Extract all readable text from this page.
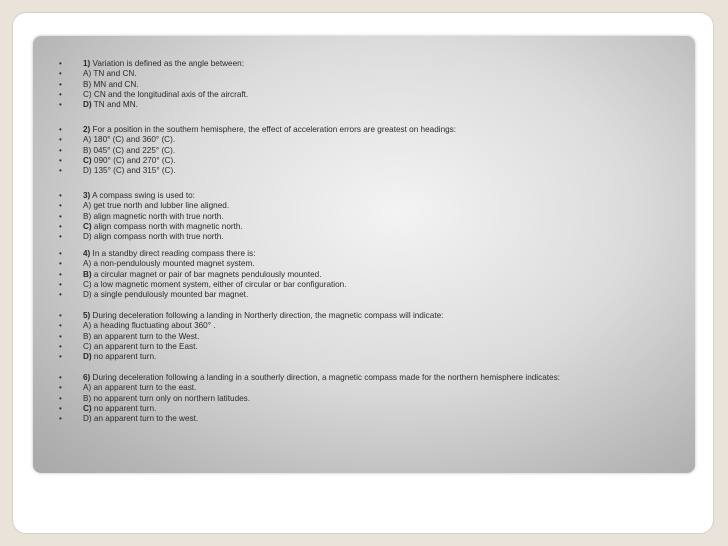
•	1) Variation is defined as the angle between:
•	A) TN and CN.
•	B) MN and CN.
•	C) CN and the longitudinal axis of the aircraft.
•	D) TN and MN.
•	2) For a position in the southern hemisphere, the effect of acceleration errors are greatest on headings:
•	A) 180° (C) and 360° (C).
•	B) 045° (C) and 225° (C).
•	C) 090° (C) and 270° (C).
•	D) 135° (C) and 315° (C).
•	3) A compass swing is used to:
•	A) get true north and lubber line aligned.
•	B) align magnetic north with true north.
•	C) align compass north with magnetic north.
•	D) align compass north with true north.
•	4) In a standby direct reading compass there is:
•	A) a non-pendulously mounted magnet system.
•	B) a circular magnet or pair of bar magnets pendulously mounted.
•	C) a low magnetic moment system, either of circular or bar configuration.
•	D) a single pendulously mounted bar magnet.
•	5) During deceleration following a landing in Northerly direction, the magnetic compass will indicate:
•	A) a heading fluctuating about 360° .
•	B) an apparent turn to the West.
•	C) an apparent turn to the East.
•	D) no apparent turn.
•	6) During deceleration following a landing in a southerly direction, a magnetic compass made for the northern hemisphere indicates:
•	A) an apparent turn to the east.
•	B) no apparent turn only on northern latitudes.
•	C) no apparent turn.
•	D) an apparent turn to the west.
